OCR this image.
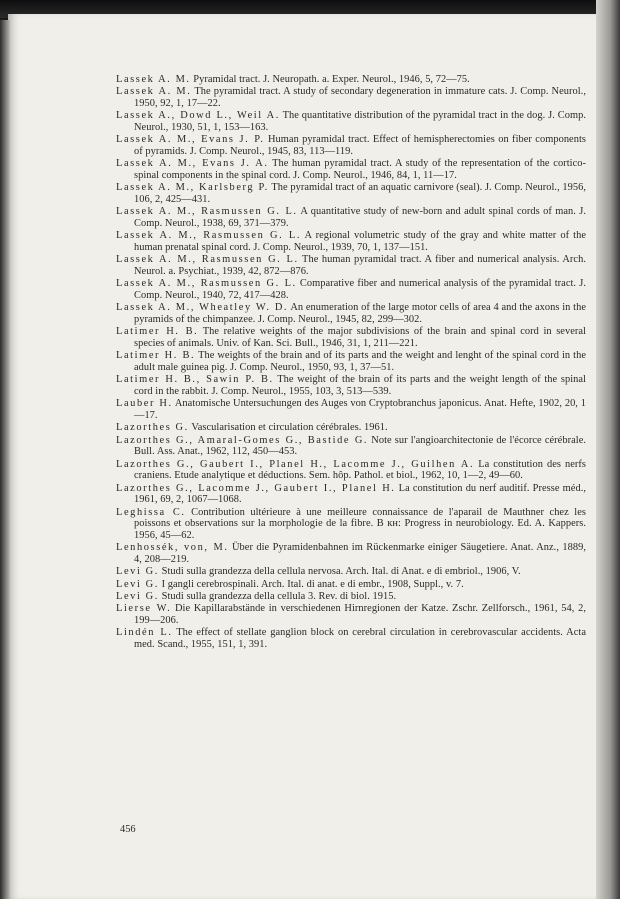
Lassek A. M. Pyramidal tract. J. Neuropath. a. Exper. Neurol., 1946, 5, 72—75.

Lassek A. M. The pyramidal tract. A study of secondary degeneration in immature cats. J. Comp. Neurol., 1950, 92, 1, 17—22.

Lassek A., Dowd L., Weil A. The quantitative distribution of the pyramidal tract in the dog. J. Comp. Neurol., 1930, 51, 1, 153—163.

Lassek A. M., Evans J. P. Human pyramidal tract. Effect of hemispherectomies on fiber components of pyramids. J. Comp. Neurol., 1945, 83, 113—119.

Lassek A. M., Evans J. A. The human pyramidal tract. A study of the representation of the cortico-spinal components in the spinal cord. J. Comp. Neurol., 1946, 84, 1, 11—17.

Lassek A. M., Karlsberg P. The pyramidal tract of an aquatic carnivore (seal). J. Comp. Neurol., 1956, 106, 2, 425—431.

Lassek A. M., Rasmussen G. L. A quantitative study of new-born and adult spinal cords of man. J. Comp. Neurol., 1938, 69, 371—379.

Lassek A. M., Rasmussen G. L. A regional volumetric study of the gray and white matter of the human prenatal spinal cord. J. Comp. Neurol., 1939, 70, 1, 137—151.

Lassek A. M., Rasmussen G. L. The human pyramidal tract. A fiber and numerical analysis. Arch. Neurol. a. Psychiat., 1939, 42, 872—876.

Lassek A. M., Rasmussen G. L. Comparative fiber and numerical analysis of the pyramidal tract. J. Comp. Neurol., 1940, 72, 417—428.

Lassek A. M., Wheatley W. D. An enumeration of the large motor cells of area 4 and the axons in the pyramids of the chimpanzee. J. Comp. Neurol., 1945, 82, 299—302.

Latimer H. B. The relative weights of the major subdivisions of the brain and spinal cord in several species of animals. Univ. of Kan. Sci. Bull., 1946, 31, 1, 211—221.

Latimer H. B. The weights of the brain and of its parts and the weight and lenght of the spinal cord in the adult male guinea pig. J. Comp. Neurol., 1950, 93, 1, 37—51.

Latimer H. B., Sawin P. B. The weight of the brain of its parts and the weight length of the spinal cord in the rabbit. J. Comp. Neurol., 1955, 103, 3, 513—539.

Lauber H. Anatomische Untersuchungen des Auges von Cryptobranchus japonicus. Anat. Hefte, 1902, 20, 1—17.

Lazorthes G. Vascularisation et circulation cérébrales. 1961.

Lazorthes G., Amaral-Gomes G., Bastide G. Note sur l'angioarchitectonie de l'écorce cérébrale. Bull. Ass. Anat., 1962, 112, 450—453.

Lazorthes G., Gaubert I., Planel H., Lacomme J., Guilhen A. La constitution des nerfs craniens. Etude analytique et déductions. Sem. hôp. Pathol. et biol., 1962, 10, 1—2, 49—60.

Lazorthes G., Lacomme J., Gaubert I., Planel H. La constitution du nerf auditif. Presse méd., 1961, 69, 2, 1067—1068.

Leghissa C. Contribution ultérieure à une meilleure connaissance de l'aparail de Mauthner chez les poissons et observations sur la morphologie de la fibre. B кн: Progress in neurobiology. Ed. A. Kappers. 1956, 45—62.

Lenhossék, von, M. Über die Pyramidenbahnen im Rückenmarke einiger Säugetiere. Anat. Anz., 1889, 4, 208—219.

Levi G. Studi sulla grandezza della cellula nervosa. Arch. Ital. di Anat. e di embriol., 1906, V.

Levi G. I gangli cerebrospinali. Arch. Ital. di anat. e di embr., 1908, Suppl., v. 7.

Levi G. Studi sulla grandezza della cellula 3. Rev. di biol. 1915.

Lierse W. Die Kapillarabstände in verschiedenen Hirnregionen der Katze. Zschr. Zellforsch., 1961, 54, 2, 199—206.

Lindén L. The effect of stellate ganglion block on cerebral circulation in cerebrovascular accidents. Acta med. Scand., 1955, 151, 1, 391.

456
